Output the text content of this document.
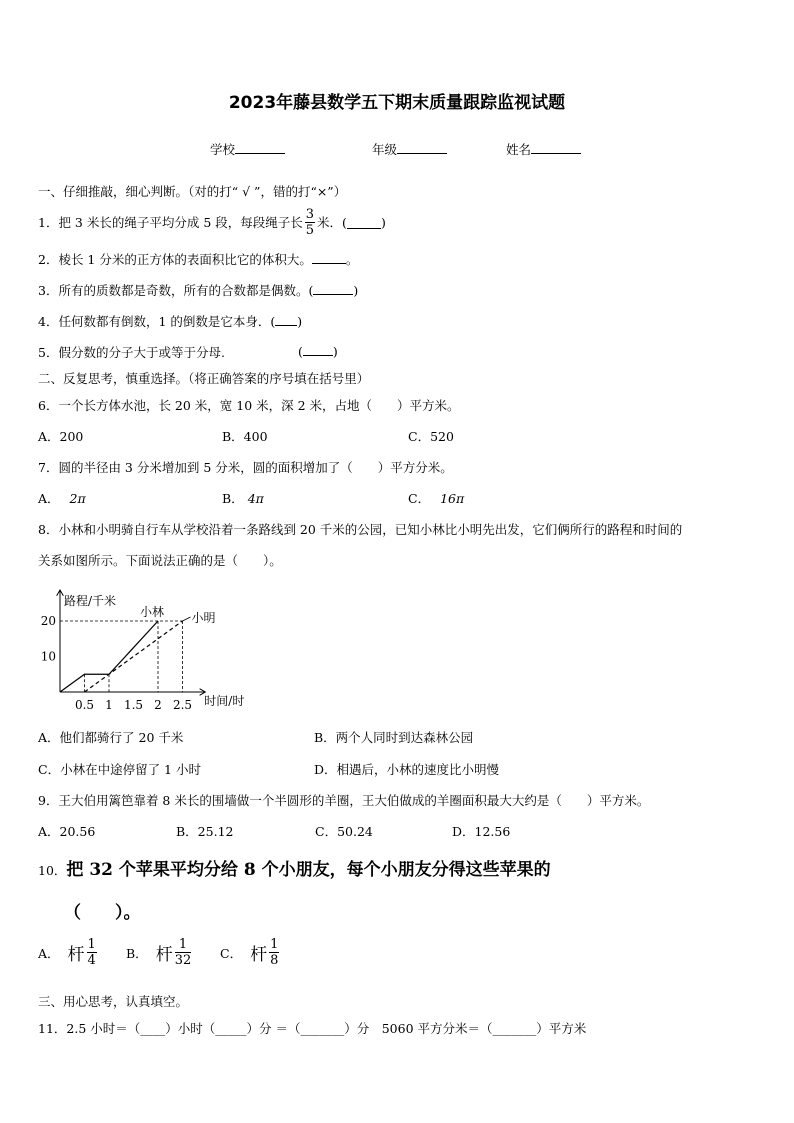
2023年藤县数学五下期末质量跟踪监视试题
学校	年级	姓名
一、仔细推敲，细心判断。（对的打“ √ ”，错的打“×”）
1．把 3 米长的绳子平均分成 5 段，每段绳子长 $\frac{3}{5}$ 米．(	)
2．棱长 1 分米的正方体的表面积比它的体积大。	。
3．所有的质数都是奇数，所有的合数都是偶数。(	)
4．任何数都有倒数，1 的倒数是它本身．( )
5．假分数的分子大于或等于分母.	( )
二、反复思考，慎重选择。（将正确答案的序号填在括号里）
6．一个长方体水池，长 20 米，宽 10 米，深 2 米，占地（　　）平方米。
A．200	B．400	C．520
7．圆的半径由 3 分米增加到 5 分米，圆的面积增加了（　　）平方分米。
A． 2π	B． 4π	C． 16π
8．小林和小明骑自行车从学校沿着一条路线到 20 千米的公园，已知小林比小明先出发，它们俩所行的路程和时间的
关系如图所示。下面说法正确的是（　　）。
路程/千米
时间/时
10
20
0.5 1 1.5 2 2.5
小林 小明
A．他们都骑行了 20 千米	B．两个人同时到达森林公园
C．小林在中途停留了 1 小时	D．相遇后，小林的速度比小明慢
9．王大伯用篱笆靠着 8 米长的围墙做一个半圆形的羊圈，王大伯做成的羊圈面积最大大约是（　　）平方米。
A．20.56	B．25.12	C．50.24	D．12.56
10．把 32 个苹果平均分给 8 个小朋友，每个小朋友分得这些苹果的
（　　）。
A． 杆 $\frac{1}{4}$ B． 杆 $\frac{1}{32}$ C． 杆 $\frac{1}{8}$
三、用心思考，认真填空。
11．2.5 小时＝（____）小时（_____）分 ＝（_______）分　5060 平方分米＝（_______）平方米
